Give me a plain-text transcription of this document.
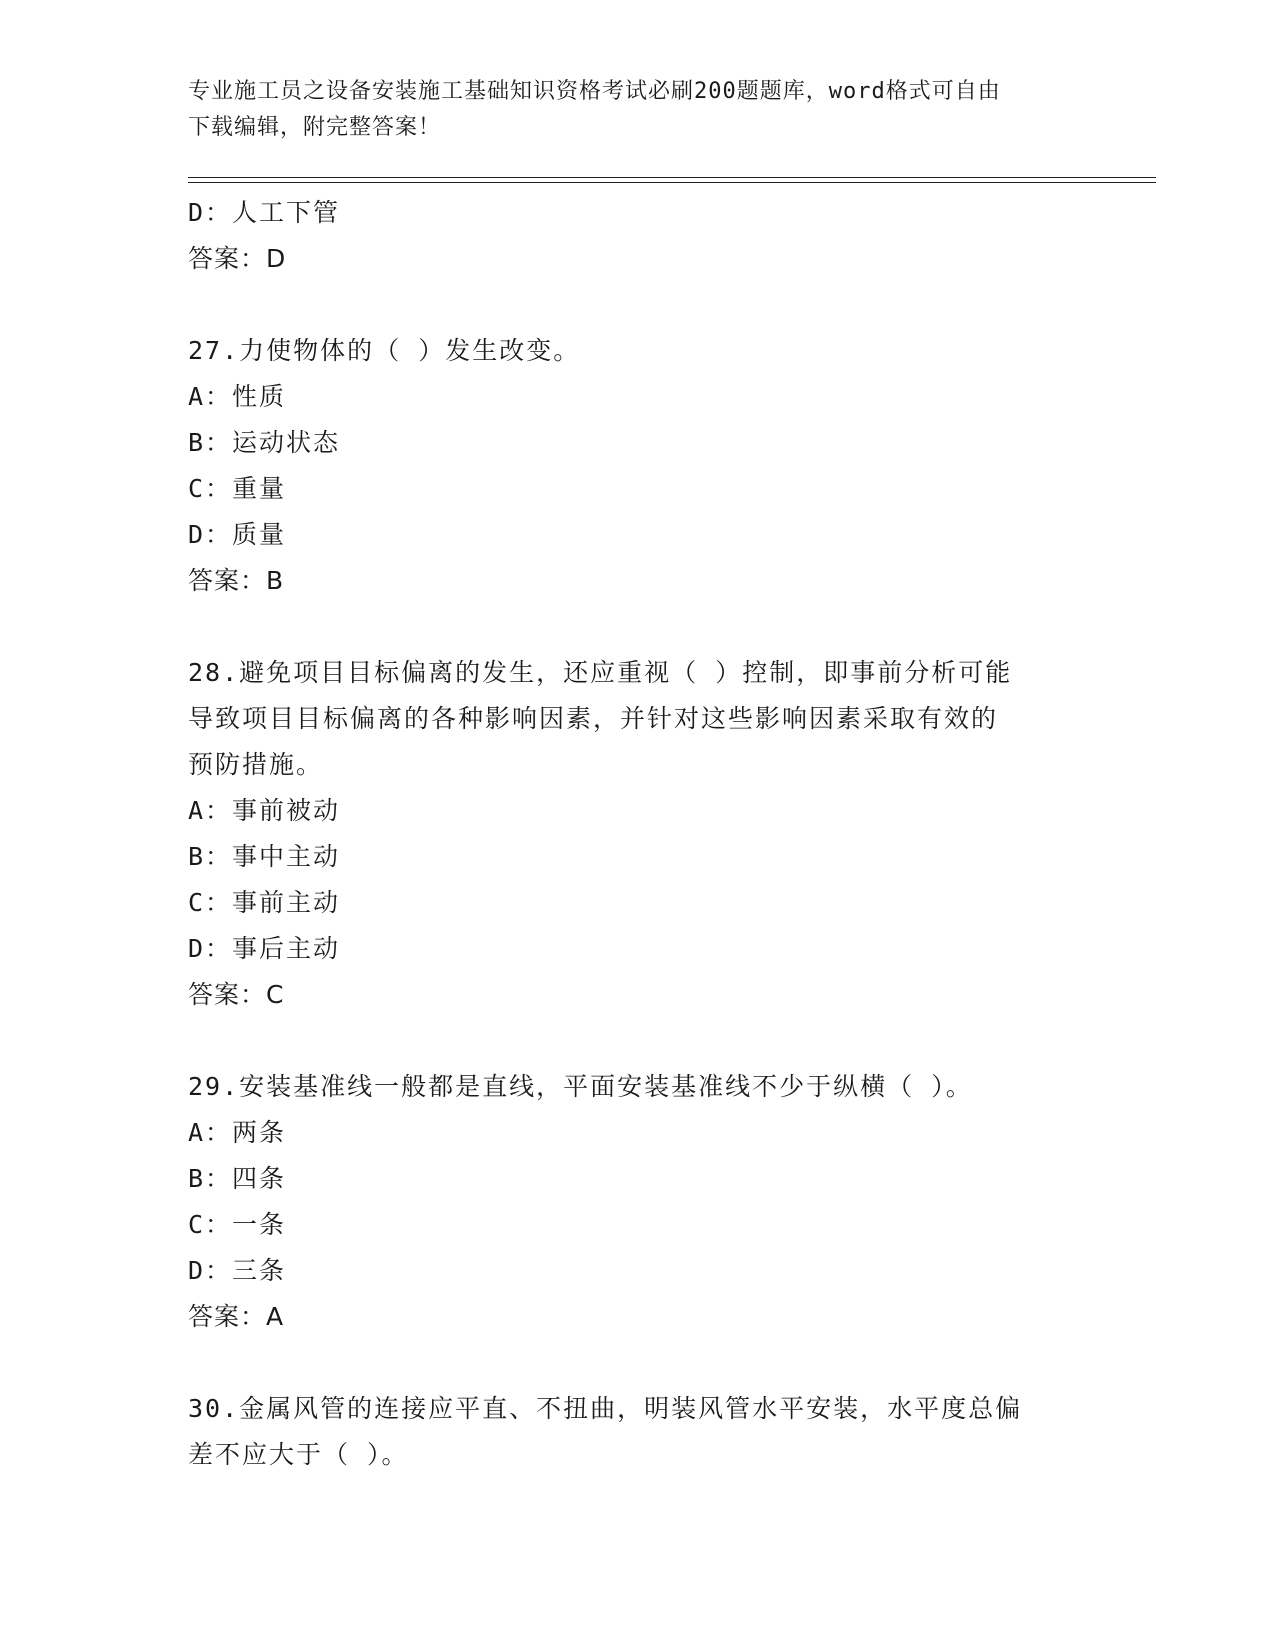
专业施工员之设备安装施工基础知识资格考试必刷200题题库，word格式可自由
下载编辑，附完整答案！
D：人工下管
答案：D
27.力使物体的（ ）发生改变。
A：性质
B：运动状态
C：重量
D：质量
答案：B
28.避免项目目标偏离的发生，还应重视（ ）控制，即事前分析可能
导致项目目标偏离的各种影响因素，并针对这些影响因素采取有效的
预防措施。
A：事前被动
B：事中主动
C：事前主动
D：事后主动
答案：C
29.安装基准线一般都是直线，平面安装基准线不少于纵横（ ）。
A：两条
B：四条
C：一条
D：三条
答案：A
30.金属风管的连接应平直、不扭曲，明装风管水平安装，水平度总偏
差不应大于（ ）。
